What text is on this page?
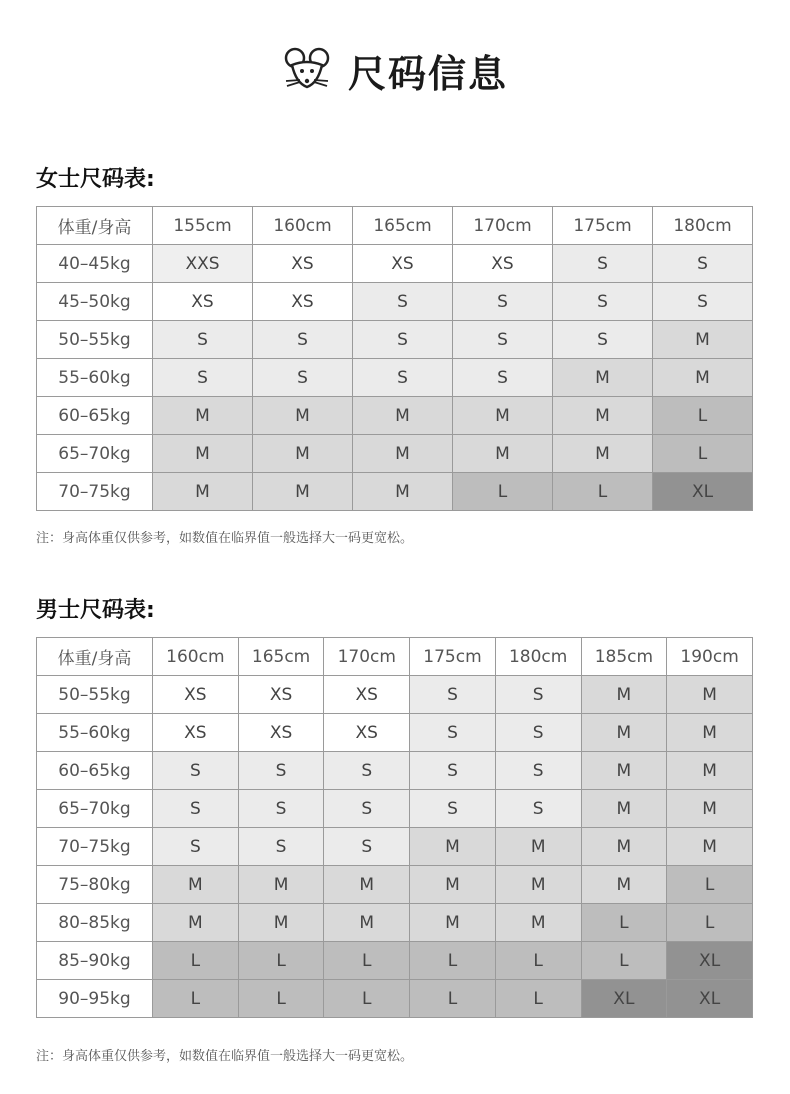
尺码信息
女士尺码表:
体重/身高	155cm	160cm	165cm	170cm	175cm	180cm
40–45kg	XXS	XS	XS	XS	S	S
45–50kg	XS	XS	S	S	S	S
50–55kg	S	S	S	S	S	M
55–60kg	S	S	S	S	M	M
60–65kg	M	M	M	M	M	L
65–70kg	M	M	M	M	M	L
70–75kg	M	M	M	L	L	XL
注：身高体重仅供参考，如数值在临界值一般选择大一码更宽松。
男士尺码表:
体重/身高	160cm	165cm	170cm	175cm	180cm	185cm	190cm
50–55kg	XS	XS	XS	S	S	M	M
55–60kg	XS	XS	XS	S	S	M	M
60–65kg	S	S	S	S	S	M	M
65–70kg	S	S	S	S	S	M	M
70–75kg	S	S	S	M	M	M	M
75–80kg	M	M	M	M	M	M	L
80–85kg	M	M	M	M	M	L	L
85–90kg	L	L	L	L	L	L	XL
90–95kg	L	L	L	L	L	XL	XL
注：身高体重仅供参考，如数值在临界值一般选择大一码更宽松。
